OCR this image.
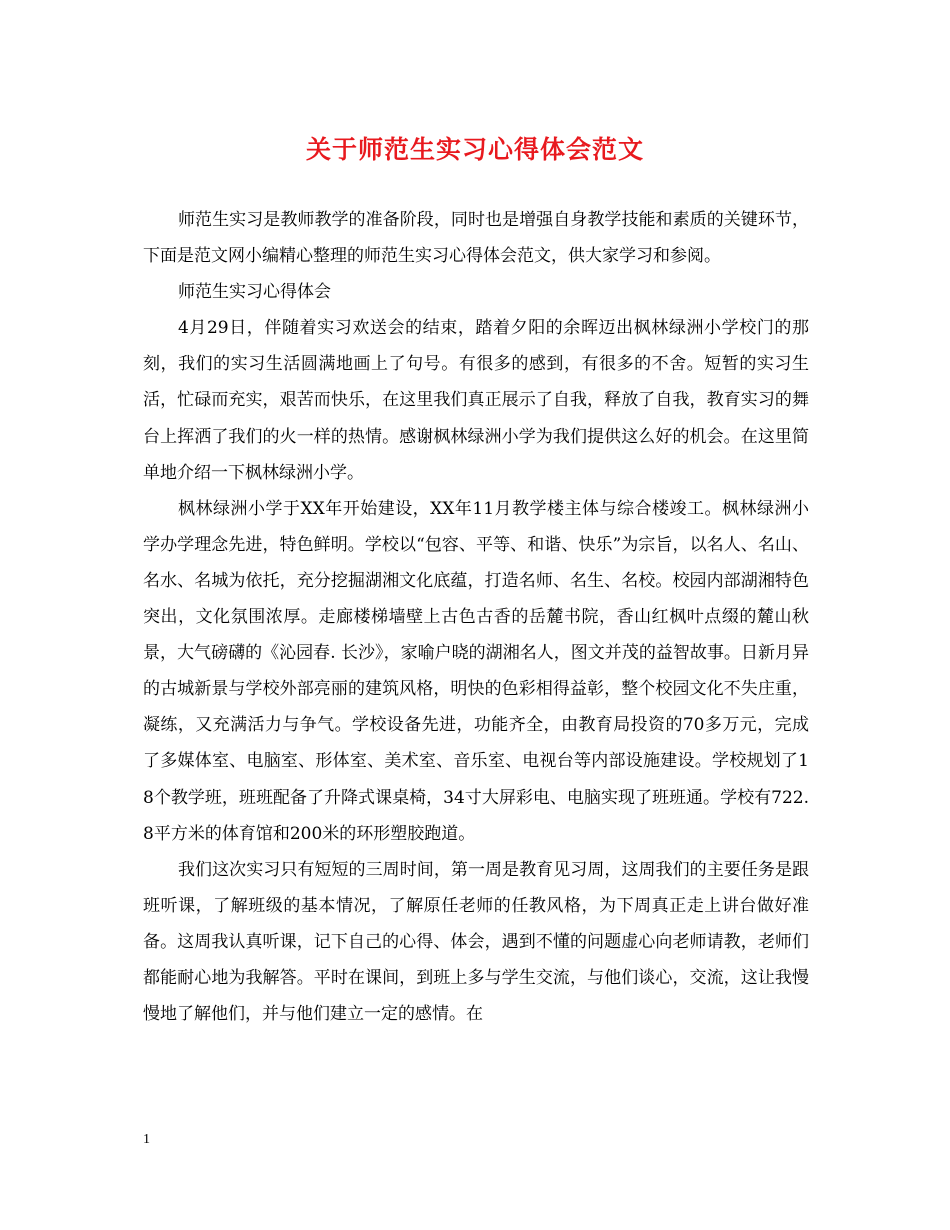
关于师范生实习心得体会范文

师范生实习是教师教学的准备阶段，同时也是增强自身教学技能和素质的关键环节，下面是范文网小编精心整理的师范生实习心得体会范文，供大家学习和参阅。

师范生实习心得体会

4月29日，伴随着实习欢送会的结束，踏着夕阳的余晖迈出枫林绿洲小学校门的那刻，我们的实习生活圆满地画上了句号。有很多的感到，有很多的不舍。短暂的实习生活，忙碌而充实，艰苦而快乐，在这里我们真正展示了自我，释放了自我，教育实习的舞台上挥洒了我们的火一样的热情。感谢枫林绿洲小学为我们提供这么好的机会。在这里简单地介绍一下枫林绿洲小学。

枫林绿洲小学于XX年开始建设，XX年11月教学楼主体与综合楼竣工。枫林绿洲小学办学理念先进，特色鲜明。学校以“包容、平等、和谐、快乐”为宗旨，以名人、名山、名水、名城为依托，充分挖掘湖湘文化底蕴，打造名师、名生、名校。校园内部湖湘特色突出，文化氛围浓厚。走廊楼梯墙壁上古色古香的岳麓书院，香山红枫叶点缀的麓山秋景，大气磅礴的《沁园春. 长沙》，家喻户晓的湖湘名人，图文并茂的益智故事。日新月异的古城新景与学校外部亮丽的建筑风格，明快的色彩相得益彰，整个校园文化不失庄重，凝练，又充满活力与争气。学校设备先进，功能齐全，由教育局投资的70多万元，完成了多媒体室、电脑室、形体室、美术室、音乐室、电视台等内部设施建设。学校规划了18个教学班，班班配备了升降式课桌椅，34寸大屏彩电、电脑实现了班班通。学校有722.8平方米的体育馆和200米的环形塑胶跑道。

我们这次实习只有短短的三周时间，第一周是教育见习周，这周我们的主要任务是跟班听课，了解班级的基本情况，了解原任老师的任教风格，为下周真正走上讲台做好准备。这周我认真听课，记下自己的心得、体会，遇到不懂的问题虚心向老师请教，老师们都能耐心地为我解答。平时在课间，到班上多与学生交流，与他们谈心，交流，这让我慢慢地了解他们，并与他们建立一定的感情。在

1
